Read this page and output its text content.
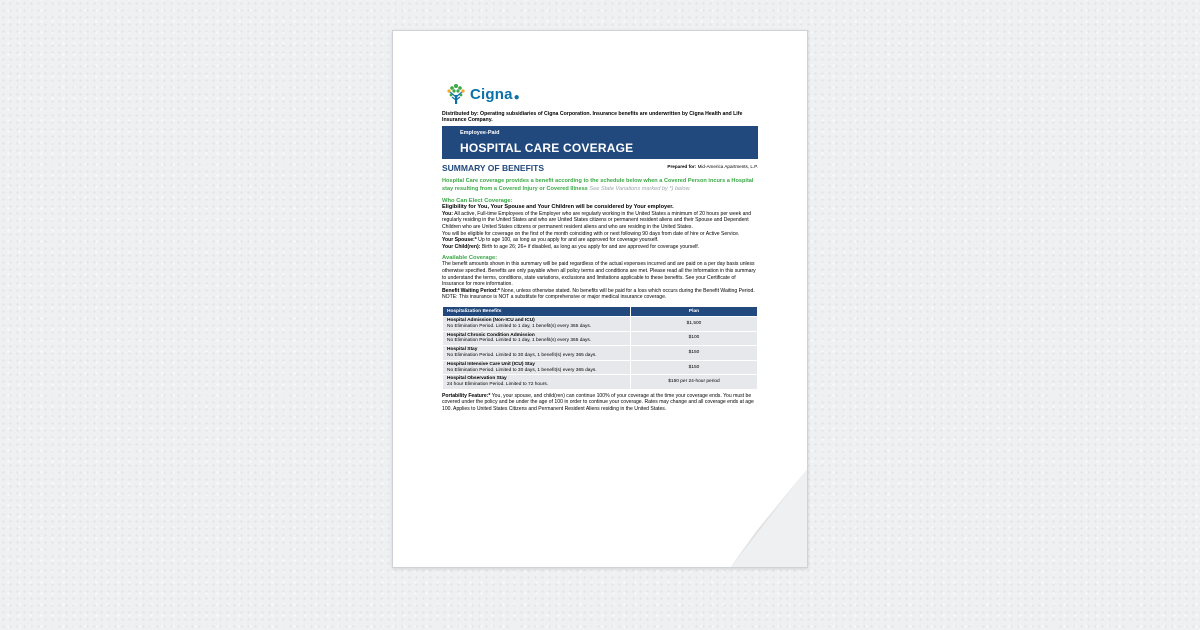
Cigna ●
Distributed by: Operating subsidiaries of Cigna Corporation. Insurance benefits are underwritten by Cigna Health and Life Insurance Company.
Employee-Paid
HOSPITAL CARE COVERAGE
SUMMARY OF BENEFITS	Prepared for: Mid-America Apartments, L.P.
Hospital Care coverage provides a benefit according to the schedule below when a Covered Person incurs a Hospital stay resulting from a Covered Injury or Covered Illness See State Variations marked by *) below.
Who Can Elect Coverage:
Eligibility for You, Your Spouse and Your Children will be considered by Your employer.
You: All active, Full-time Employees of the Employer who are regularly working in the United States a minimum of 20 hours per week and regularly residing in the United States and who are United States citizens or permanent resident aliens and their Spouse and Dependent Children who are United States citizens or permanent resident aliens and who are residing in the United States.
You will be eligible for coverage on the first of the month coinciding with or next following 90 days from date of hire or Active Service.
Your Spouse:* Up to age 100, as long as you apply for and are approved for coverage yourself.
Your Child(ren): Birth to age 26; 26+ if disabled, as long as you apply for and are approved for coverage yourself.
Available Coverage:
The benefit amounts shown in this summary will be paid regardless of the actual expenses incurred and are paid on a per day basis unless otherwise specified. Benefits are only payable when all policy terms and conditions are met. Please read all the information in this summary to understand the terms, conditions, state variations, exclusions and limitations applicable to these benefits. See your Certificate of Insurance for more information.
Benefit Waiting Period:* None, unless otherwise stated. No benefits will be paid for a loss which occurs during the Benefit Waiting Period.
NOTE: This insurance is NOT a substitute for comprehensive or major medical insurance coverage.
Hospitalization Benefits	Plan

Hospital Admission (Non-ICU and ICU)
No Elimination Period. Limited to 1 day, 1 benefit(s) every 365 days.	$1,500

Hospital Chronic Condition Admission
No Elimination Period. Limited to 1 day, 1 benefit(s) every 365 days.	$100

Hospital Stay
No Elimination Period. Limited to 30 days, 1 benefit(s) every 365 days.	$150

Hospital Intensive Care Unit (ICU) Stay
No Elimination Period. Limited to 30 days, 1 benefit(s) every 365 days.	$150

Hospital Observation Stay
24 hour Elimination Period. Limited to 72 hours.	$150 per 24-hour period
Portability Feature:* You, your spouse, and child(ren) can continue 100% of your coverage at the time your coverage ends. You must be covered under the policy and be under the age of 100 in order to continue your coverage. Rates may change and all coverage ends at age 100. Applies to United States Citizens and Permanent Resident Aliens residing in the United States.
